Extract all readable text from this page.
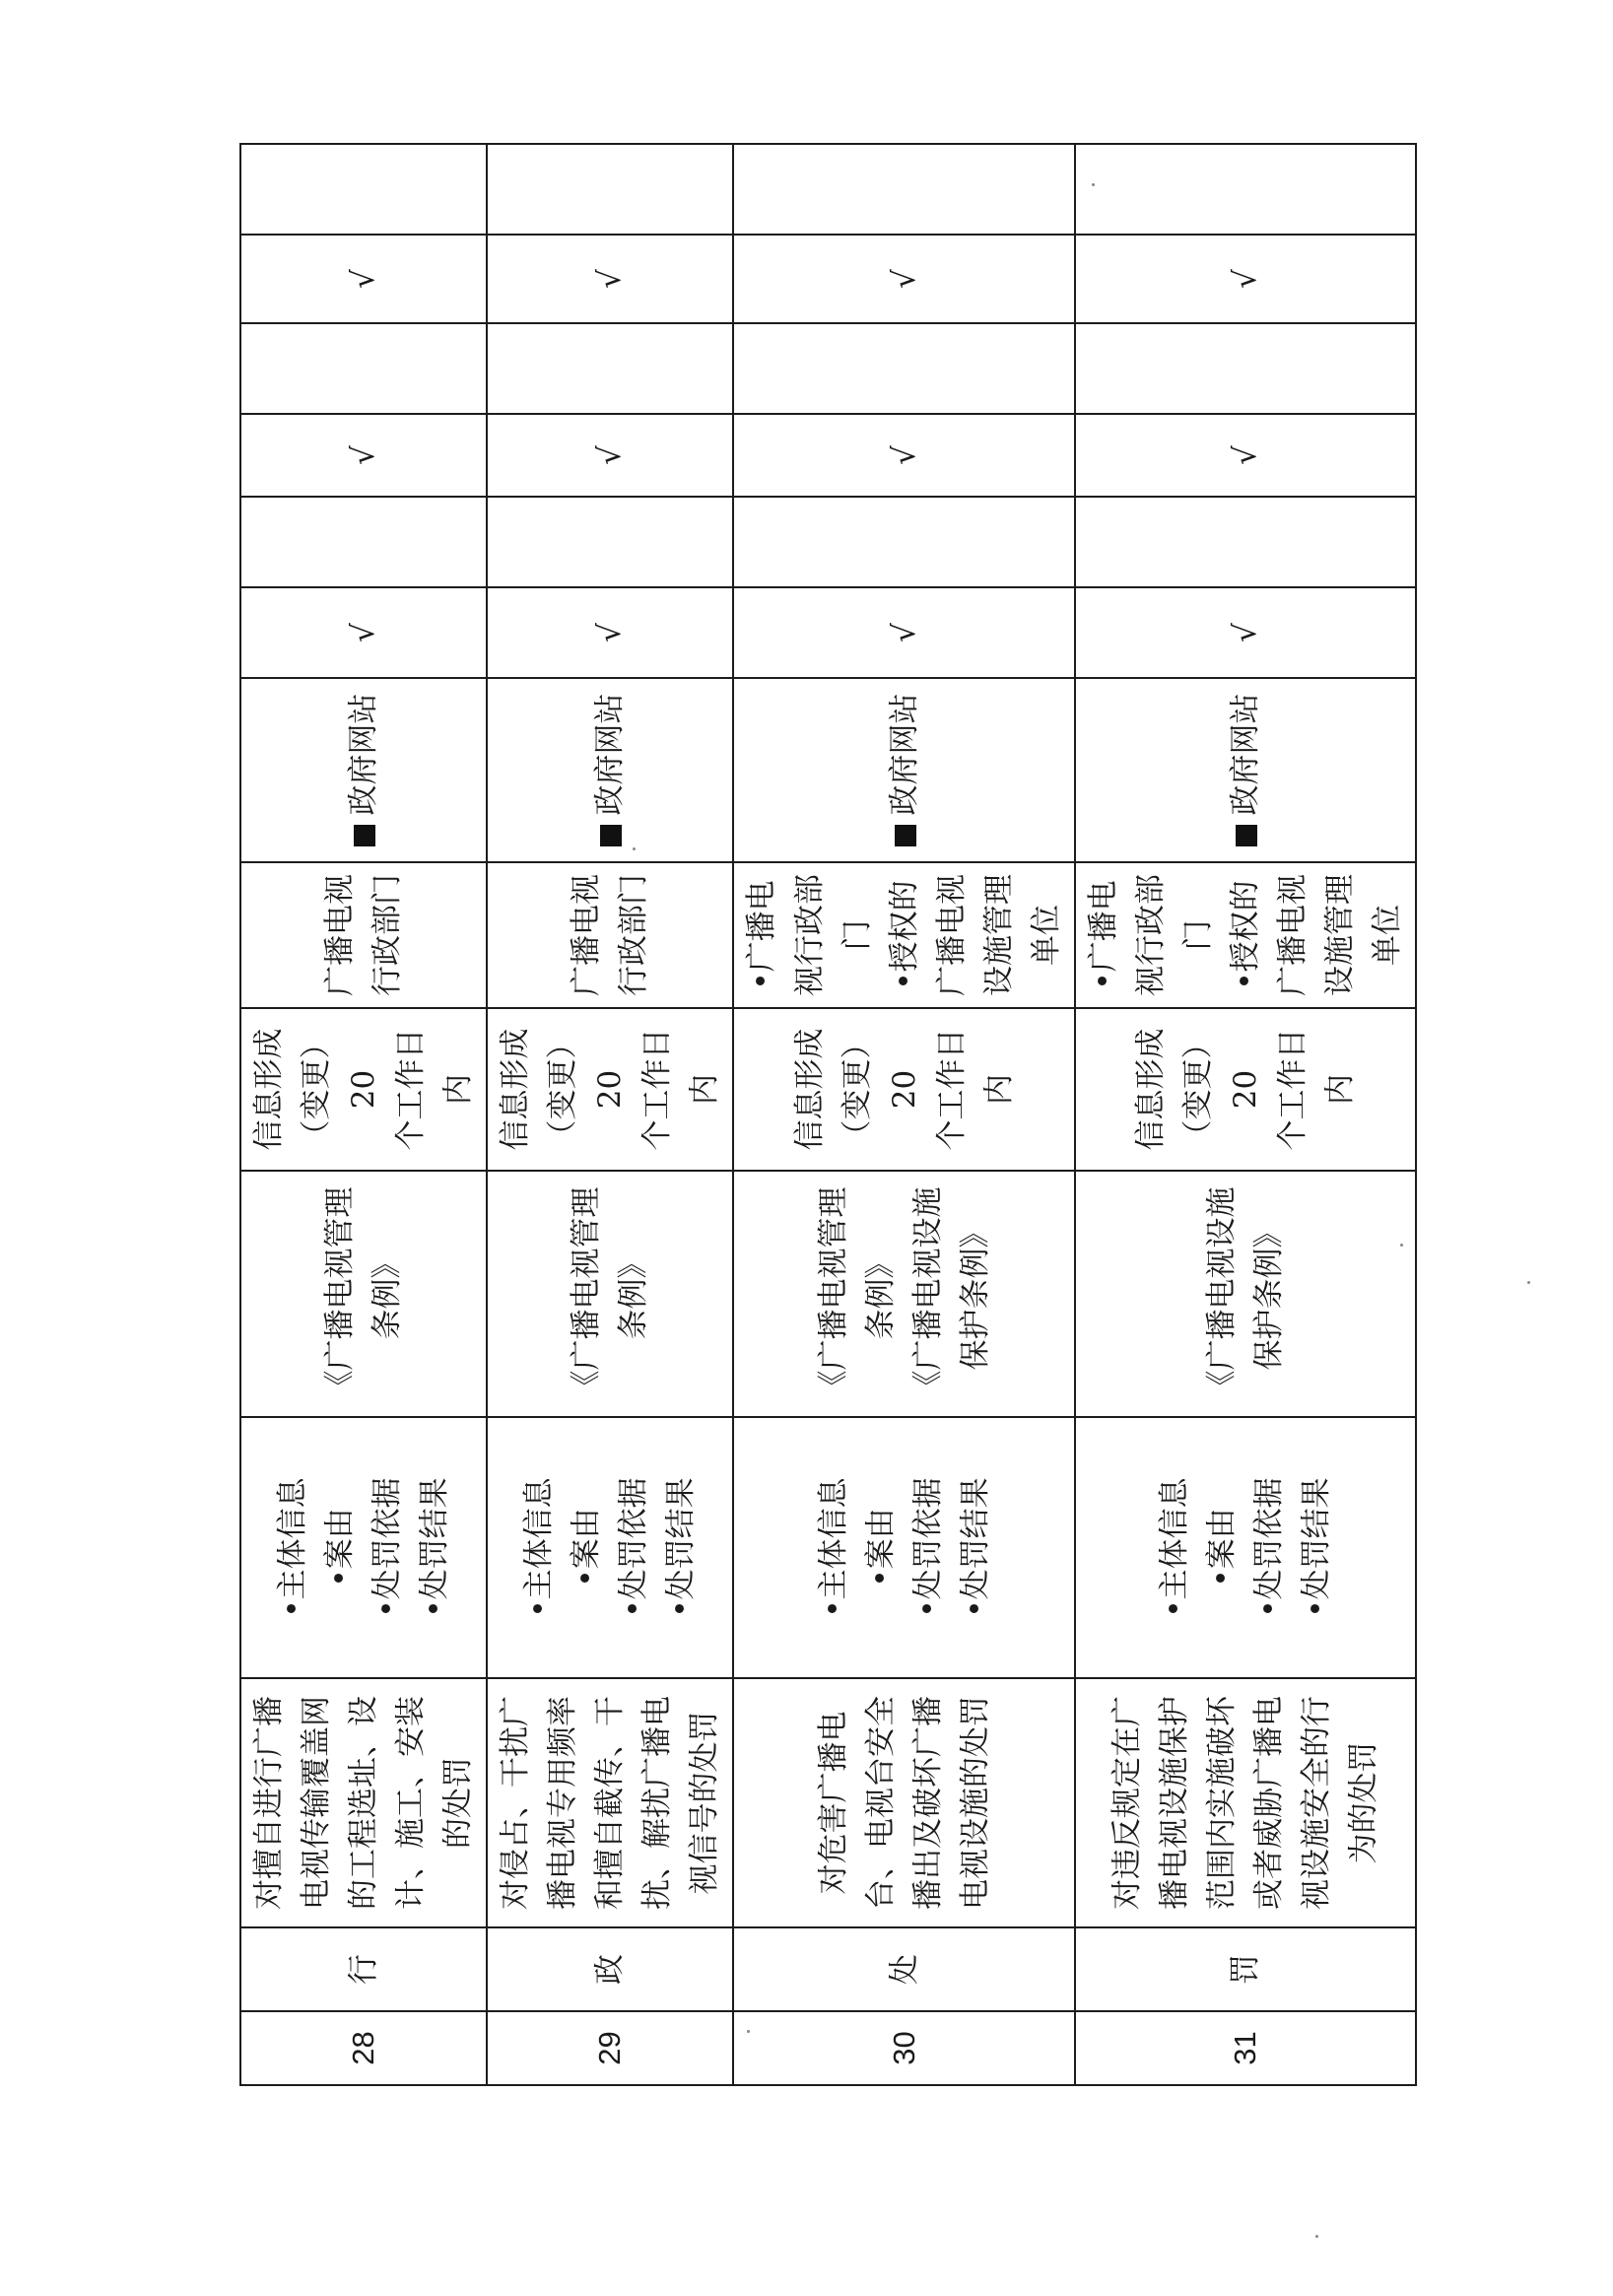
28	行	对擅自进行广播电视传输覆盖网的工程选址、设计、施工、安装的处罚	•主体信息 •案由 •处罚依据 •处罚结果	《广播电视管理条例》	信息形成 （变更）20 个工作日 内	广播电视 行政部门	政府网站	√		√		√	
29	政	对侵占、干扰广播电视专用频率和擅自截传、干扰、解扰广播电视信号的处罚	•主体信息 •案由 •处罚依据 •处罚结果	《广播电视管理条例》	信息形成 （变更）20 个工作日 内	广播电视 行政部门	政府网站	√		√		√	
30	处	对危害广播电台、电视台安全播出及破坏广播电视设施的处罚	•主体信息 •案由 •处罚依据 •处罚结果	《广播电视管理条例》 《广播电视设施保护条例》	信息形成 （变更）20 个工作日 内	•广播电视行政部门 •授权的广播电视设施管理单位	政府网站	√		√		√	
31	罚	对违反规定在广播电视设施保护范围内实施破坏或者威胁广播电视设施安全的行为的处罚	•主体信息 •案由 •处罚依据 •处罚结果	《广播电视设施保护条例》	信息形成 （变更）20 个工作日 内	•广播电视行政部门 •授权的广播电视设施管理单位	政府网站	√		√		√	
